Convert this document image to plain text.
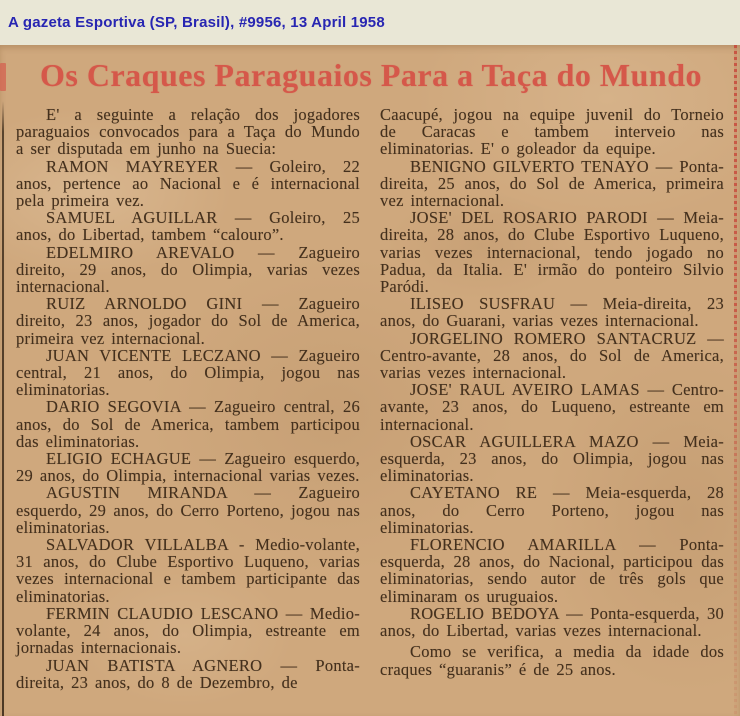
A gazeta Esportiva (SP, Brasil), #9956, 13 April 1958
Os Craques Paraguaios Para a Taça do Mundo

E' a seguinte a relação dos jogadores paraguaios convocados para a Taça do Mundo a ser disputada em junho na Suecia:

RAMON MAYREYER — Goleiro, 22 anos, pertence ao Nacional e é internacional pela primeira vez.

SAMUEL AGUILLAR — Goleiro, 25 anos, do Libertad, tambem “calouro”.

EDELMIRO AREVALO — Zagueiro direito, 29 anos, do Olimpia, varias vezes internacional.

RUIZ ARNOLDO GINI — Zagueiro direito, 23 anos, jogador do Sol de America, primeira vez internacional.

JUAN VICENTE LECZANO — Zagueiro central, 21 anos, do Olimpia, jogou nas eliminatorias.

DARIO SEGOVIA — Zagueiro central, 26 anos, do Sol de America, tambem participou das eliminatorias.

ELIGIO ECHAGUE — Zagueiro esquerdo, 29 anos, do Olimpia, internacional varias vezes.

AGUSTIN MIRANDA — Zagueiro esquerdo, 29 anos, do Cerro Porteno, jogou nas eliminatorias.

SALVADOR VILLALBA - Medio-volante, 31 anos, do Clube Esportivo Luqueno, varias vezes internacional e tambem participante das eliminatorias.

FERMIN CLAUDIO LESCANO — Medio-volante, 24 anos, do Olimpia, estreante em jornadas internacionais.

JUAN BATISTA AGNERO — Ponta-direita, 23 anos, do 8 de Dezembro, de

Caacupé, jogou na equipe juvenil do Torneio de Caracas e tambem interveio nas eliminatorias. E' o goleador da equipe.

BENIGNO GILVERTO TENAYO — Ponta-direita, 25 anos, do Sol de America, primeira vez internacional.

JOSE' DEL ROSARIO PARODI — Meia-direita, 28 anos, do Clube Esportivo Luqueno, varias vezes internacional, tendo jogado no Padua, da Italia. E' irmão do ponteiro Silvio Paródi.

ILISEO SUSFRAU — Meia-direita, 23 anos, do Guarani, varias vezes internacional.

JORGELINO ROMERO SANTACRUZ — Centro-avante, 28 anos, do Sol de America, varias vezes internacional.

JOSE' RAUL AVEIRO LAMAS — Centro-avante, 23 anos, do Luqueno, estreante em internacional.

OSCAR AGUILLERA MAZO — Meia-esquerda, 23 anos, do Olimpia, jogou nas eliminatorias.

CAYETANO RE — Meia-esquerda, 28 anos, do Cerro Porteno, jogou nas eliminatorias.

FLORENCIO AMARILLA — Ponta-esquerda, 28 anos, do Nacional, participou das eliminatorias, sendo autor de três gols que eliminaram os uruguaios.

ROGELIO BEDOYA — Ponta-esquerda, 30 anos, do Libertad, varias vezes internacional.

Como se verifica, a media da idade dos craques “guaranis” é de 25 anos.
